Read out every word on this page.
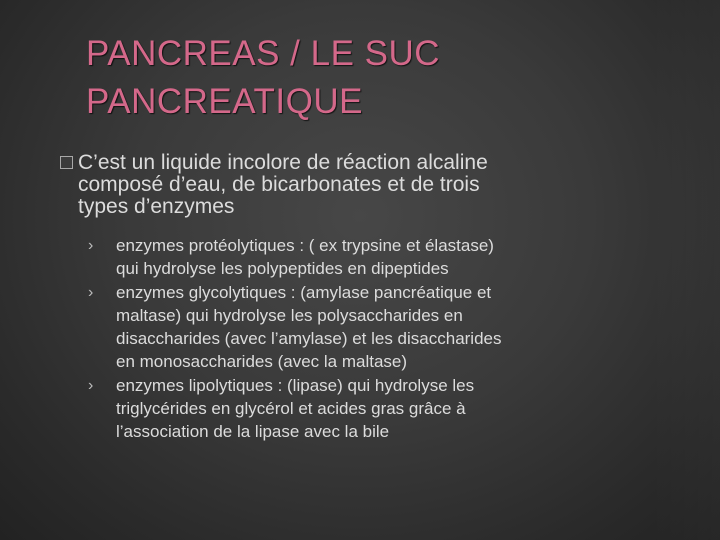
PANCREAS / LE SUC
PANCREATIQUE
C’est un liquide incolore de réaction alcaline
composé d’eau, de bicarbonates et de trois
types d’enzymes
› enzymes protéolytiques : ( ex trypsine et élastase)
qui hydrolyse les polypeptides en dipeptides
› enzymes glycolytiques : (amylase pancréatique et
maltase) qui hydrolyse les polysaccharides en
disaccharides (avec l’amylase) et les disaccharides
en monosaccharides (avec la maltase)
› enzymes lipolytiques : (lipase) qui hydrolyse les
triglycérides en glycérol et acides gras grâce à
l’association de la lipase avec la bile
